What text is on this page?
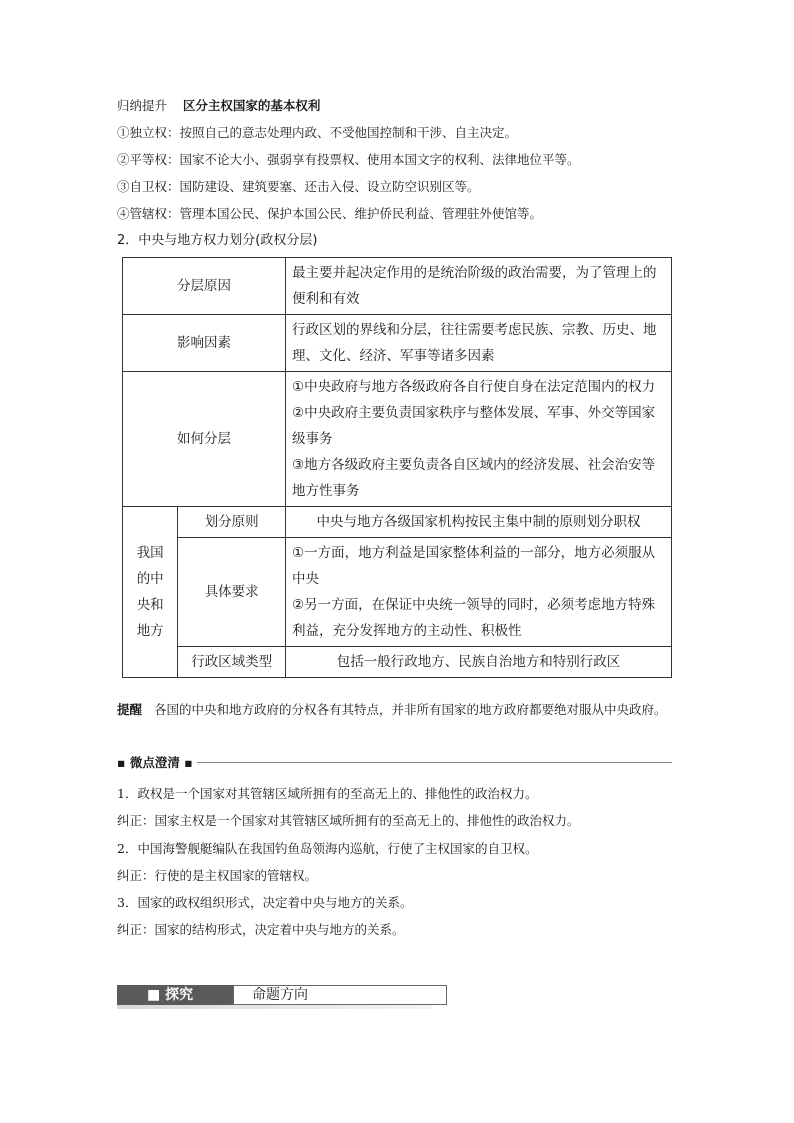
归纳提升 区分主权国家的基本权利
①独立权：按照自己的意志处理内政、不受他国控制和干涉、自主决定。
②平等权：国家不论大小、强弱享有投票权、使用本国文字的权利、法律地位平等。
③自卫权：国防建设、建筑要塞、还击入侵、设立防空识别区等。
④管辖权：管理本国公民、保护本国公民、维护侨民利益、管理驻外使馆等。
2．中央与地方权力划分(政权分层)
分层原因		最主要并起决定作用的是统治阶级的政治需要，为了管理上的
便利和有效

影响因素		行政区划的界线和分层，往往需要考虑民族、宗教、历史、地
理、文化、经济、军事等诸多因素

如何分层		①中央政府与地方各级政府各自行使自身在法定范围内的权力
②中央政府主要负责国家秩序与整体发展、军事、外交等国家
级事务
③地方各级政府主要负责各自区域内的经济发展、社会治安等
地方性事务

我国
的中
央和
地方	划分原则	中央与地方各级国家机构按民主集中制的原则划分职权
	具体要求	①一方面，地方利益是国家整体利益的一部分，地方必须服从
中央
②另一方面，在保证中央统一领导的同时，必须考虑地方特殊
利益，充分发挥地方的主动性、积极性

	行政区域类型	包括一般行政地方、民族自治地方和特别行政区
提醒 各国的中央和地方政府的分权各有其特点，并非所有国家的地方政府都要绝对服从中央政府。
▪ 微点澄清 ▪
1．政权是一个国家对其管辖区域所拥有的至高无上的、排他性的政治权力。
纠正：国家主权是一个国家对其管辖区域所拥有的至高无上的、排他性的政治权力。
2．中国海警舰艇编队在我国钓鱼岛领海内巡航，行使了主权国家的自卫权。
纠正：行使的是主权国家的管辖权。
3．国家的政权组织形式，决定着中央与地方的关系。
纠正：国家的结构形式，决定着中央与地方的关系。
■ 探究	命题方向
